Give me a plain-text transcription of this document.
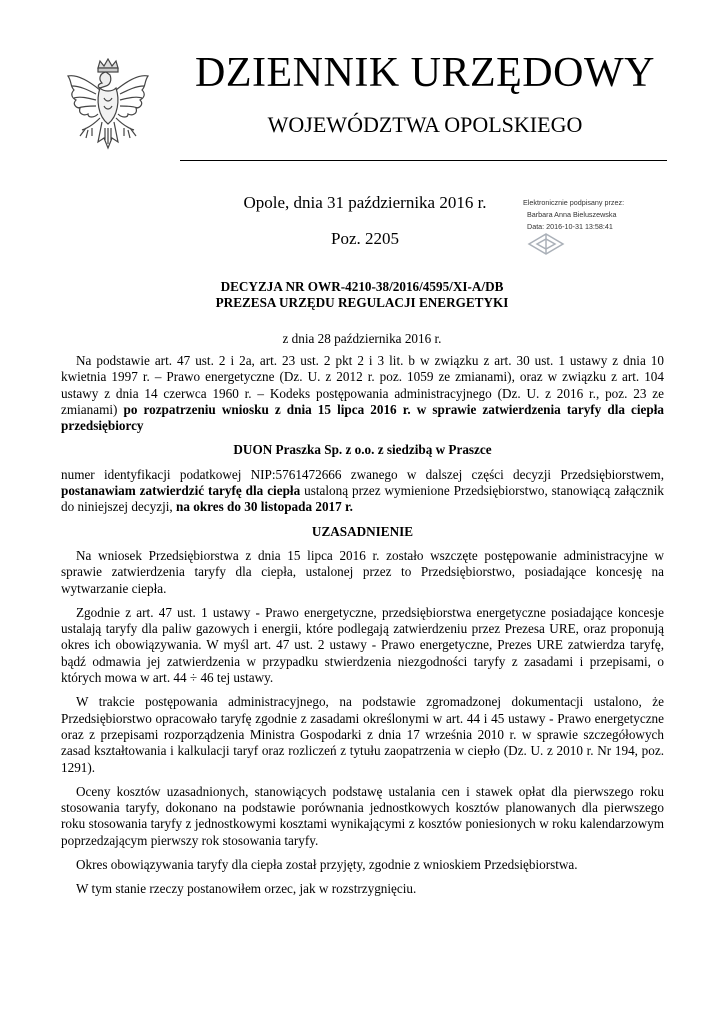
DZIENNIK URZĘDOWY
WOJEWÓDZTWA OPOLSKIEGO
Opole, dnia 31 października 2016 r.
Poz. 2205
Elektronicznie podpisany przez:
Barbara Anna Bieluszewska
Data: 2016-10-31 13:58:41
DECYZJA NR OWR-4210-38/2016/4595/XI-A/DB
PREZESA URZĘDU REGULACJI ENERGETYKI
z dnia 28 października 2016 r.

Na podstawie art. 47 ust. 2 i 2a, art. 23 ust. 2 pkt 2 i 3 lit. b w związku z art. 30 ust. 1 ustawy z dnia 10 kwietnia 1997 r. – Prawo energetyczne (Dz. U. z 2012 r. poz. 1059 ze zmianami), oraz w związku z art. 104 ustawy z dnia 14 czerwca 1960 r. – Kodeks postępowania administracyjnego (Dz. U. z 2016 r., poz. 23 ze zmianami) po rozpatrzeniu wniosku z dnia 15 lipca 2016 r. w sprawie zatwierdzenia taryfy dla ciepła przedsiębiorcy

DUON Praszka Sp. z o.o. z siedzibą w Praszce

numer identyfikacji podatkowej NIP:5761472666 zwanego w dalszej części decyzji Przedsiębiorstwem, postanawiam zatwierdzić taryfę dla ciepła ustaloną przez wymienione Przedsiębiorstwo, stanowiącą załącznik do niniejszej decyzji, na okres do 30 listopada 2017 r.

UZASADNIENIE

Na wniosek Przedsiębiorstwa z dnia 15 lipca 2016 r. zostało wszczęte postępowanie administracyjne w sprawie zatwierdzenia taryfy dla ciepła, ustalonej przez to Przedsiębiorstwo, posiadające koncesję na wytwarzanie ciepła.

Zgodnie z art. 47 ust. 1 ustawy - Prawo energetyczne, przedsiębiorstwa energetyczne posiadające koncesje ustalają taryfy dla paliw gazowych i energii, które podlegają zatwierdzeniu przez Prezesa URE, oraz proponują okres ich obowiązywania. W myśl art. 47 ust. 2 ustawy - Prawo energetyczne, Prezes URE zatwierdza taryfę, bądź odmawia jej zatwierdzenia w przypadku stwierdzenia niezgodności taryfy z zasadami i przepisami, o których mowa w art. 44 ÷ 46 tej ustawy.

W trakcie postępowania administracyjnego, na podstawie zgromadzonej dokumentacji ustalono, że Przedsiębiorstwo opracowało taryfę zgodnie z zasadami określonymi w art. 44 i 45 ustawy - Prawo energetyczne oraz z przepisami rozporządzenia Ministra Gospodarki z dnia 17 września 2010 r. w sprawie szczegółowych zasad kształtowania i kalkulacji taryf oraz rozliczeń z tytułu zaopatrzenia w ciepło (Dz. U. z 2010 r. Nr 194, poz. 1291).

Oceny kosztów uzasadnionych, stanowiących podstawę ustalania cen i stawek opłat dla pierwszego roku stosowania taryfy, dokonano na podstawie porównania jednostkowych kosztów planowanych dla pierwszego roku stosowania taryfy z jednostkowymi kosztami wynikającymi z kosztów poniesionych w roku kalendarzowym poprzedzającym pierwszy rok stosowania taryfy.

Okres obowiązywania taryfy dla ciepła został przyjęty, zgodnie z wnioskiem Przedsiębiorstwa.

W tym stanie rzeczy postanowiłem orzec, jak w rozstrzygnięciu.
